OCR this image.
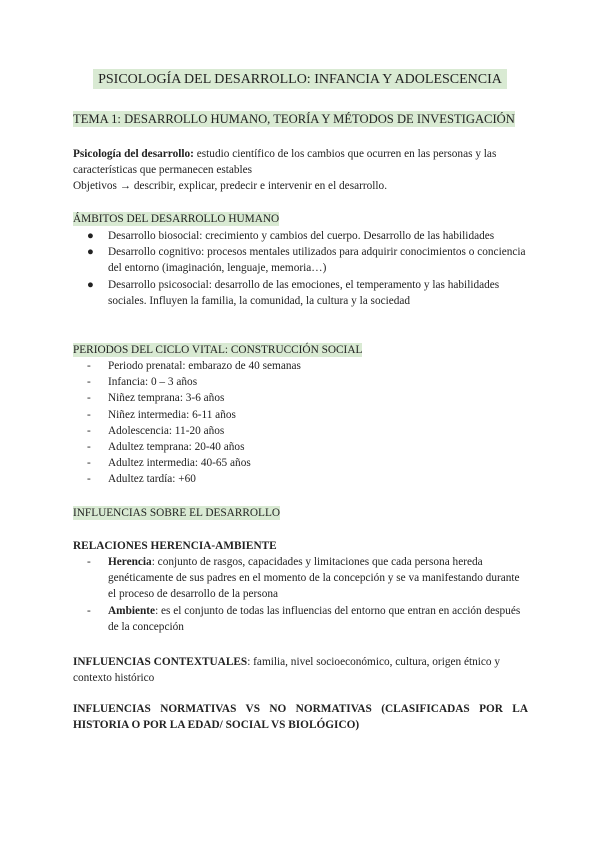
PSICOLOGÍA DEL DESARROLLO: INFANCIA Y ADOLESCENCIA
TEMA 1: DESARROLLO HUMANO, TEORÍA Y MÉTODOS DE INVESTIGACIÓN
Psicología del desarrollo: estudio científico de los cambios que ocurren en las personas y las características que permanecen estables
Objetivos → describir, explicar, predecir e intervenir en el desarrollo.
ÁMBITOS DEL DESARROLLO HUMANO
● Desarrollo biosocial: crecimiento y cambios del cuerpo. Desarrollo de las habilidades
● Desarrollo cognitivo: procesos mentales utilizados para adquirir conocimientos o conciencia del entorno (imaginación, lenguaje, memoria…)
● Desarrollo psicosocial: desarrollo de las emociones, el temperamento y las habilidades sociales. Influyen la familia, la comunidad, la cultura y la sociedad
PERIODOS DEL CICLO VITAL: CONSTRUCCIÓN SOCIAL
- Periodo prenatal: embarazo de 40 semanas
- Infancia: 0 – 3 años
- Niñez temprana: 3-6 años
- Niñez intermedia: 6-11 años
- Adolescencia: 11-20 años
- Adultez temprana: 20-40 años
- Adultez intermedia: 40-65 años
- Adultez tardía: +60
INFLUENCIAS SOBRE EL DESARROLLO
RELACIONES HERENCIA-AMBIENTE
- Herencia: conjunto de rasgos, capacidades y limitaciones que cada persona hereda genéticamente de sus padres en el momento de la concepción y se va manifestando durante el proceso de desarrollo de la persona
- Ambiente: es el conjunto de todas las influencias del entorno que entran en acción después de la concepción
INFLUENCIAS CONTEXTUALES: familia, nivel socioeconómico, cultura, origen étnico y contexto histórico
INFLUENCIAS NORMATIVAS VS NO NORMATIVAS (CLASIFICADAS POR LA HISTORIA O POR LA EDAD/ SOCIAL VS BIOLÓGICO)
